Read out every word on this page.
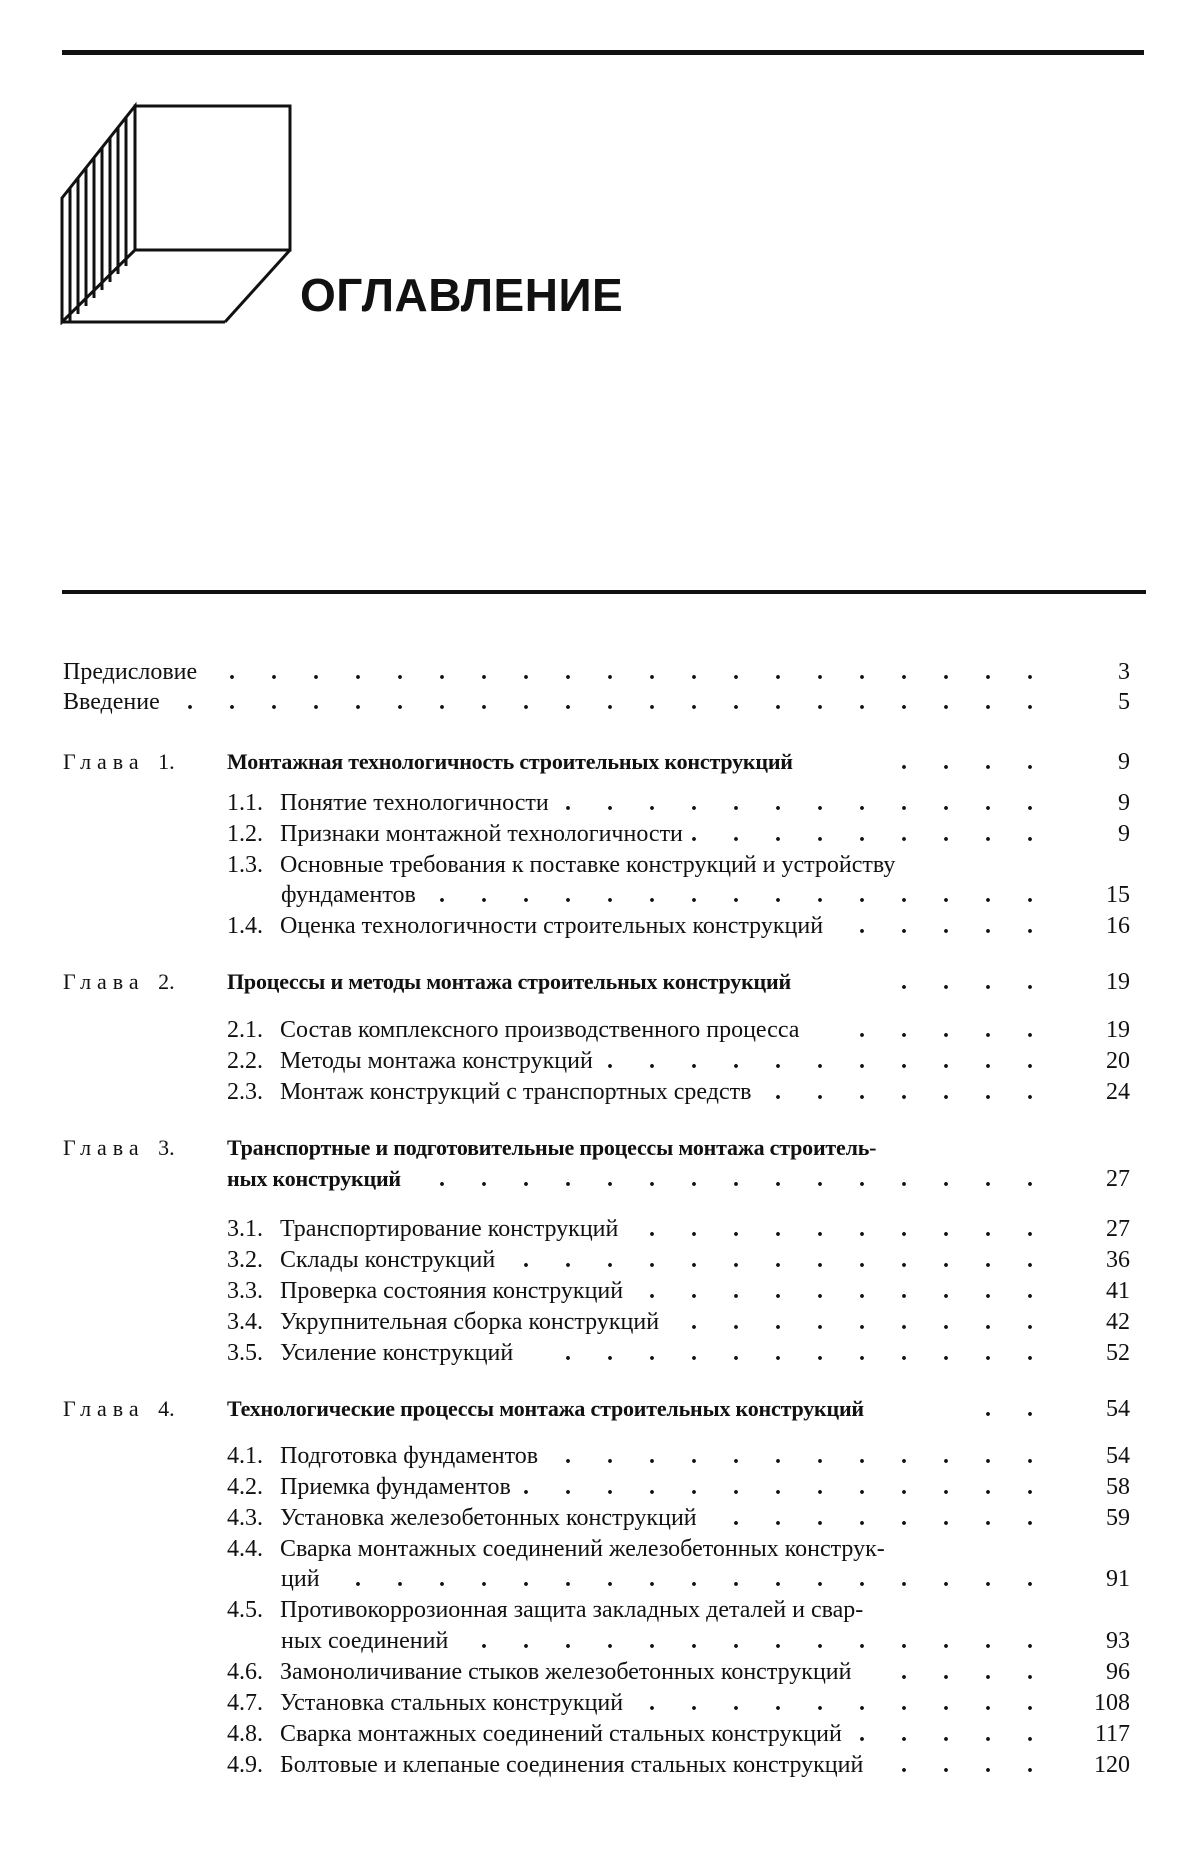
ОГЛАВЛЕНИЕ
Предисловие . . . . . . . . . . . . . . . . . . . .	3
Введение . . . . . . . . . . . . . . . . . . . . .	5
Глава 1. Монтажная технологичность строительных конструкций	. . . .	9
1.1. Понятие технологичности . . . . . . . . . . . .	9
1.2. Признаки монтажной технологичности . . . . . . . . .	9
1.3. Основные требования к поставке конструкций и устройству
фундаментов . . . . . . . . . . . . . . . 15
1.4. Оценка технологичности строительных конструкций . . . . . 16
Глава 2. Процессы и методы монтажа строительных конструкций	. . . . 19
2.1. Состав комплексного производственного процесса . . . . . 19
2.2. Методы монтажа конструкций . . . . . . . . . . . 20
2.3. Монтаж конструкций с транспортных средств . . . . . . . 24
Глава 3. Транспортные и подготовительные процессы монтажа строитель-
ных конструкций . . . . . . . . . . . . . . . 27
3.1. Транспортирование конструкций . . . . . . . . . . 27
3.2. Склады конструкций . . . . . . . . . . . . . 36
3.3. Проверка состояния конструкций . . . . . . . . . . 41
3.4. Укрупнительная сборка конструкций . . . . . . . . . 42
3.5. Усиление конструкций . . . . . . . . . . . . 52
Глава 4. Технологические процессы монтажа строительных конструкций	. . 54
4.1. Подготовка фундаментов . . . . . . . . . . . . 54
4.2. Приемка фундаментов . . . . . . . . . . . . . 58
4.3. Установка железобетонных конструкций . . . . . . . . 59
4.4. Сварка монтажных соединений железобетонных конструк-
ций . . . . . . . . . . . . . . . . . 91
4.5. Противокоррозионная защита закладных деталей и свар-
ных соединений . . . . . . . . . . . . . . 93
4.6. Замоноличивание стыков железобетонных конструкций . . . . 96
4.7. Установка стальных конструкций . . . . . . . . . . 108
4.8. Сварка монтажных соединений стальных конструкций . . . . . 117
4.9. Болтовые и клепаные соединения стальных конструкций . . . . 120
